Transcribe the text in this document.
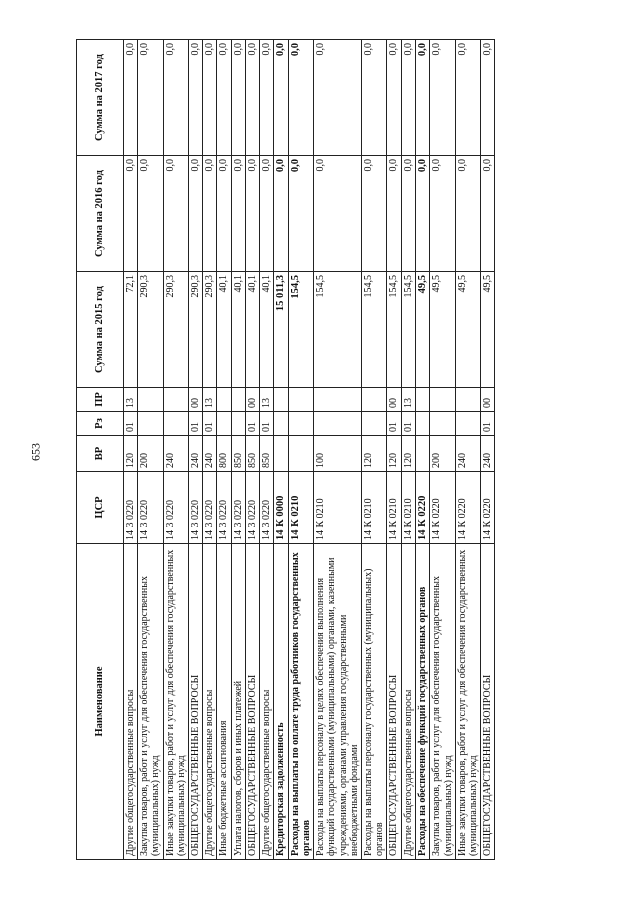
653
Наименование	ЦСР	ВР	Рз	ПР	Сумма на 2015 год	Сумма на 2016 год	Сумма на 2017 год
Другие общегосударственные вопросы	14 3 0220	120	01	13	72,1	0,0	0,0
Закупка товаров, работ и услуг для обеспечения государственных (муниципальных) нужд	14 3 0220	200			290,3	0,0	0,0
Иные закупки товаров, работ и услуг для обеспечения государственных (муниципальных) нужд	14 3 0220	240			290,3	0,0	0,0
ОБЩЕГОСУДАРСТВЕННЫЕ ВОПРОСЫ	14 3 0220	240	01	00	290,3	0,0	0,0
Другие общегосударственные вопросы	14 3 0220	240	01	13	290,3	0,0	0,0
Иные бюджетные ассигнования	14 3 0220	800			40,1	0,0	0,0
Уплата налогов, сборов и иных платежей	14 3 0220	850			40,1	0,0	0,0
ОБЩЕГОСУДАРСТВЕННЫЕ ВОПРОСЫ	14 3 0220	850	01	00	40,1	0,0	0,0
Другие общегосударственные вопросы	14 3 0220	850	01	13	40,1	0,0	0,0
Кредиторская задолженность	14 К 0000				15 011,3	0,0	0,0
Расходы на выплаты по оплате труда работников государственных органов	14 К 0210				154,5	0,0	0,0
Расходы на выплаты персоналу в целях обеспечения выполнения функций государственными (муниципальными) органами, казенными учреждениями, органами управления государственными внебюджетными фондами	14 К 0210	100			154,5	0,0	0,0
Расходы на выплаты персоналу государственных (муниципальных) органов	14 К 0210	120			154,5	0,0	0,0
ОБЩЕГОСУДАРСТВЕННЫЕ ВОПРОСЫ	14 К 0210	120	01	00	154,5	0,0	0,0
Другие общегосударственные вопросы	14 К 0210	120	01	13	154,5	0,0	0,0
Расходы на обеспечение функций государственных органов	14 К 0220				49,5	0,0	0,0
Закупка товаров, работ и услуг для обеспечения государственных (муниципальных) нужд	14 К 0220	200			49,5	0,0	0,0
Иные закупки товаров, работ и услуг для обеспечения государственных (муниципальных) нужд	14 К 0220	240			49,5	0,0	0,0
ОБЩЕГОСУДАРСТВЕННЫЕ ВОПРОСЫ	14 К 0220	240	01	00	49,5	0,0	0,0
